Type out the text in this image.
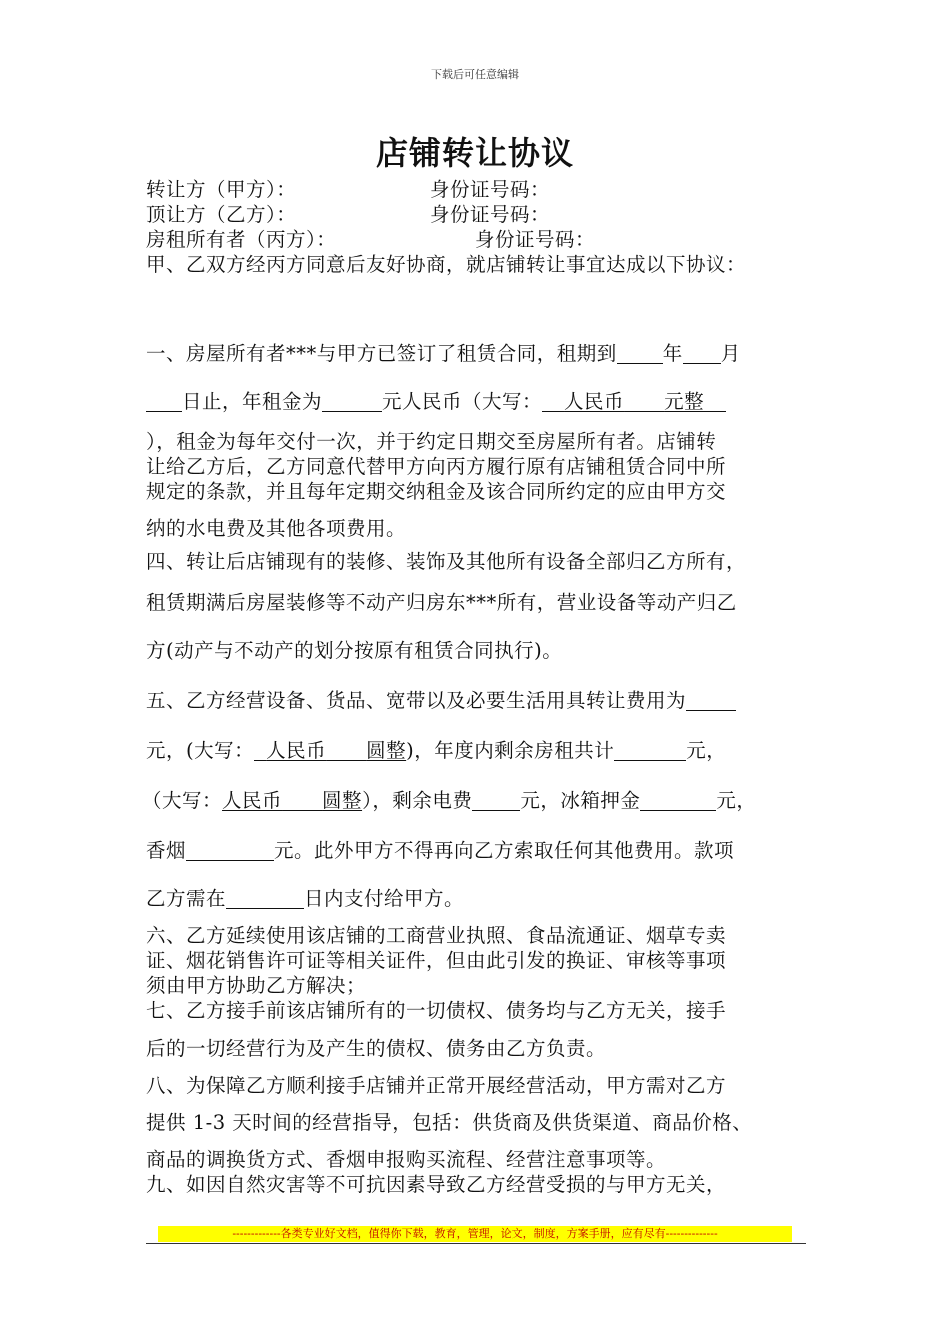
下载后可任意编辑
店铺转让协议
转让方（甲方）：	身份证号码：
顶让方（乙方）：	身份证号码：
房租所有者（丙方）：	身份证号码：
甲、乙双方经丙方同意后友好协商，就店铺转让事宜达成以下协议：
一、房屋所有者***与甲方已签订了租赁合同，租期到 年 月
日止，年租金为	元人民币（大写： 人民币　　 元整
），租金为每年交付一次，并于约定日期交至房屋所有者。店铺转
让给乙方后，乙方同意代替甲方向丙方履行原有店铺租赁合同中所
规定的条款，并且每年定期交纳租金及该合同所约定的应由甲方交
纳的水电费及其他各项费用。
四、转让后店铺现有的装修、装饰及其他所有设备全部归乙方所有，
租赁期满后房屋装修等不动产归房东***所有，营业设备等动产归乙
方(动产与不动产的划分按原有租赁合同执行)。
五、乙方经营设备、货品、宽带以及必要生活用具转让费用为
元，(大写： 人民币　　 圆整)，年度内剩余房租共计	元，
（大写：人民币　　 圆整），剩余电费 元，冰箱押金	元，
香烟	元。此外甲方不得再向乙方索取任何其他费用。款项
乙方需在	日内支付给甲方。
六、乙方延续使用该店铺的工商营业执照、食品流通证、烟草专卖
证、烟花销售许可证等相关证件，但由此引发的换证、审核等事项
须由甲方协助乙方解决；
七、乙方接手前该店铺所有的一切债权、债务均与乙方无关，接手
后的一切经营行为及产生的债权、债务由乙方负责。
八、为保障乙方顺利接手店铺并正常开展经营活动，甲方需对乙方
提供 1-3 天时间的经营指导，包括：供货商及供货渠道、商品价格、
商品的调换货方式、香烟申报购买流程、经营注意事项等。
九、如因自然灾害等不可抗因素导致乙方经营受损的与甲方无关，
-------------各类专业好文档，值得你下载，教育，管理，论文，制度，方案手册，应有尽有--------------
